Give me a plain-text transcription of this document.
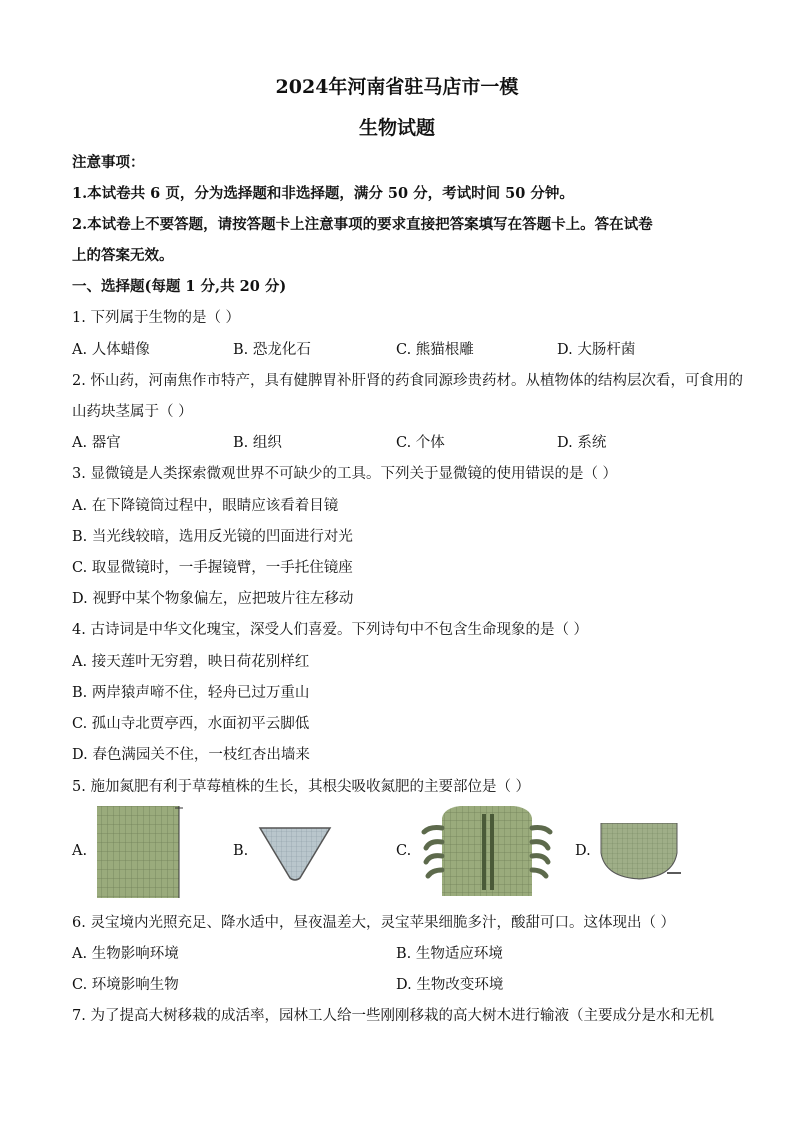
2024年河南省驻马店市一模
生物试题
注意事项：
1.本试卷共 6 页，分为选择题和非选择题，满分 50 分，考试时间 50 分钟。
2.本试卷上不要答题，请按答题卡上注意事项的要求直接把答案填写在答题卡上。答在试卷
上的答案无效。
一、选择题(每题 1 分,共 20 分)
1. 下列属于生物的是（ ）
A. 人体蜡像	B. 恐龙化石	C. 熊猫根雕	D. 大肠杆菌
2. 怀山药，河南焦作市特产，具有健脾胃补肝肾的药食同源珍贵药材。从植物体的结构层次看，可食用的
山药块茎属于（ ）
A. 器官	B. 组织	C. 个体	D. 系统
3. 显微镜是人类探索微观世界不可缺少的工具。下列关于显微镜的使用错误的是（ ）
A. 在下降镜筒过程中，眼睛应该看着目镜
B. 当光线较暗，选用反光镜的凹面进行对光
C. 取显微镜时，一手握镜臂，一手托住镜座
D. 视野中某个物象偏左，应把玻片往左移动
4. 古诗词是中华文化瑰宝，深受人们喜爱。下列诗句中不包含生命现象的是（ ）
A. 接天莲叶无穷碧，映日荷花别样红
B. 两岸猿声啼不住，轻舟已过万重山
C. 孤山寺北贾亭西，水面初平云脚低
D. 春色满园关不住，一枝红杏出墙来
5. 施加氮肥有利于草莓植株的生长，其根尖吸收氮肥的主要部位是（ ）
A.	B.	C.	D.
6. 灵宝境内光照充足、降水适中，昼夜温差大，灵宝苹果细脆多汁，酸甜可口。这体现出（ ）
A. 生物影响环境	B. 生物适应环境
C. 环境影响生物	D. 生物改变环境
7. 为了提高大树移栽的成活率，园林工人给一些刚刚移栽的高大树木进行输液（主要成分是水和无机
